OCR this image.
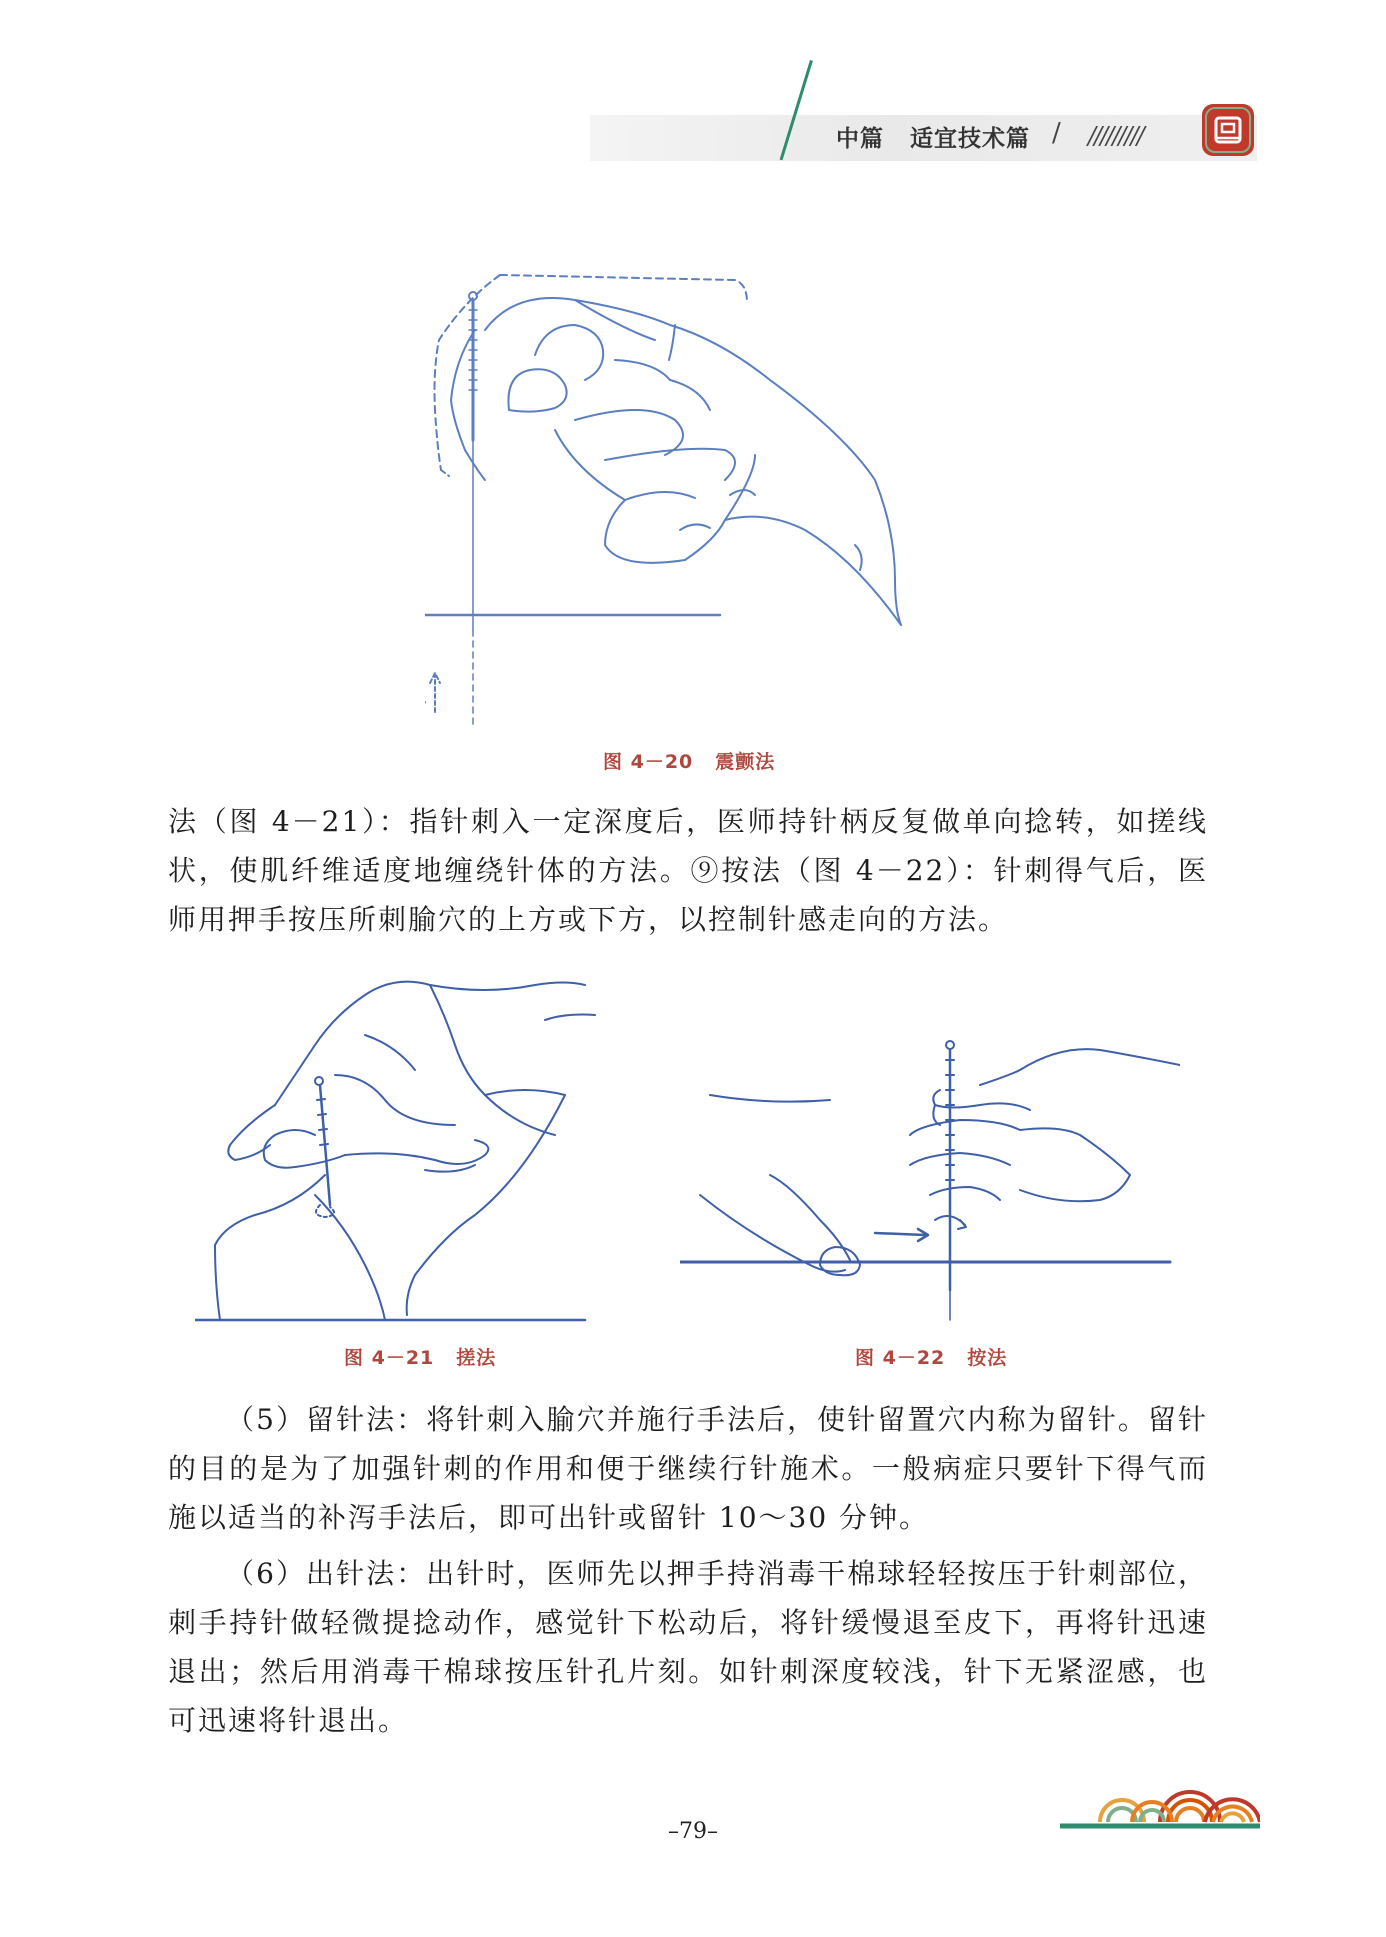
中篇 适宜技术篇 / /////////
图 4－20 震颤法

法（图 4－21）：指针刺入一定深度后，医师持针柄反复做单向捻转，如搓线状，使肌纤维适度地缠绕针体的方法。⑨按法（图 4－22）：针刺得气后，医师用押手按压所刺腧穴的上方或下方，以控制针感走向的方法。

图 4－21 搓法	图 4－22 按法

（5）留针法：将针刺入腧穴并施行手法后，使针留置穴内称为留针。留针的目的是为了加强针刺的作用和便于继续行针施术。一般病症只要针下得气而施以适当的补泻手法后，即可出针或留针 10～30 分钟。

（6）出针法：出针时，医师先以押手持消毒干棉球轻轻按压于针刺部位，刺手持针做轻微提捻动作，感觉针下松动后，将针缓慢退至皮下，再将针迅速退出；然后用消毒干棉球按压针孔片刻。如针刺深度较浅，针下无紧涩感，也可迅速将针退出。

–79–
